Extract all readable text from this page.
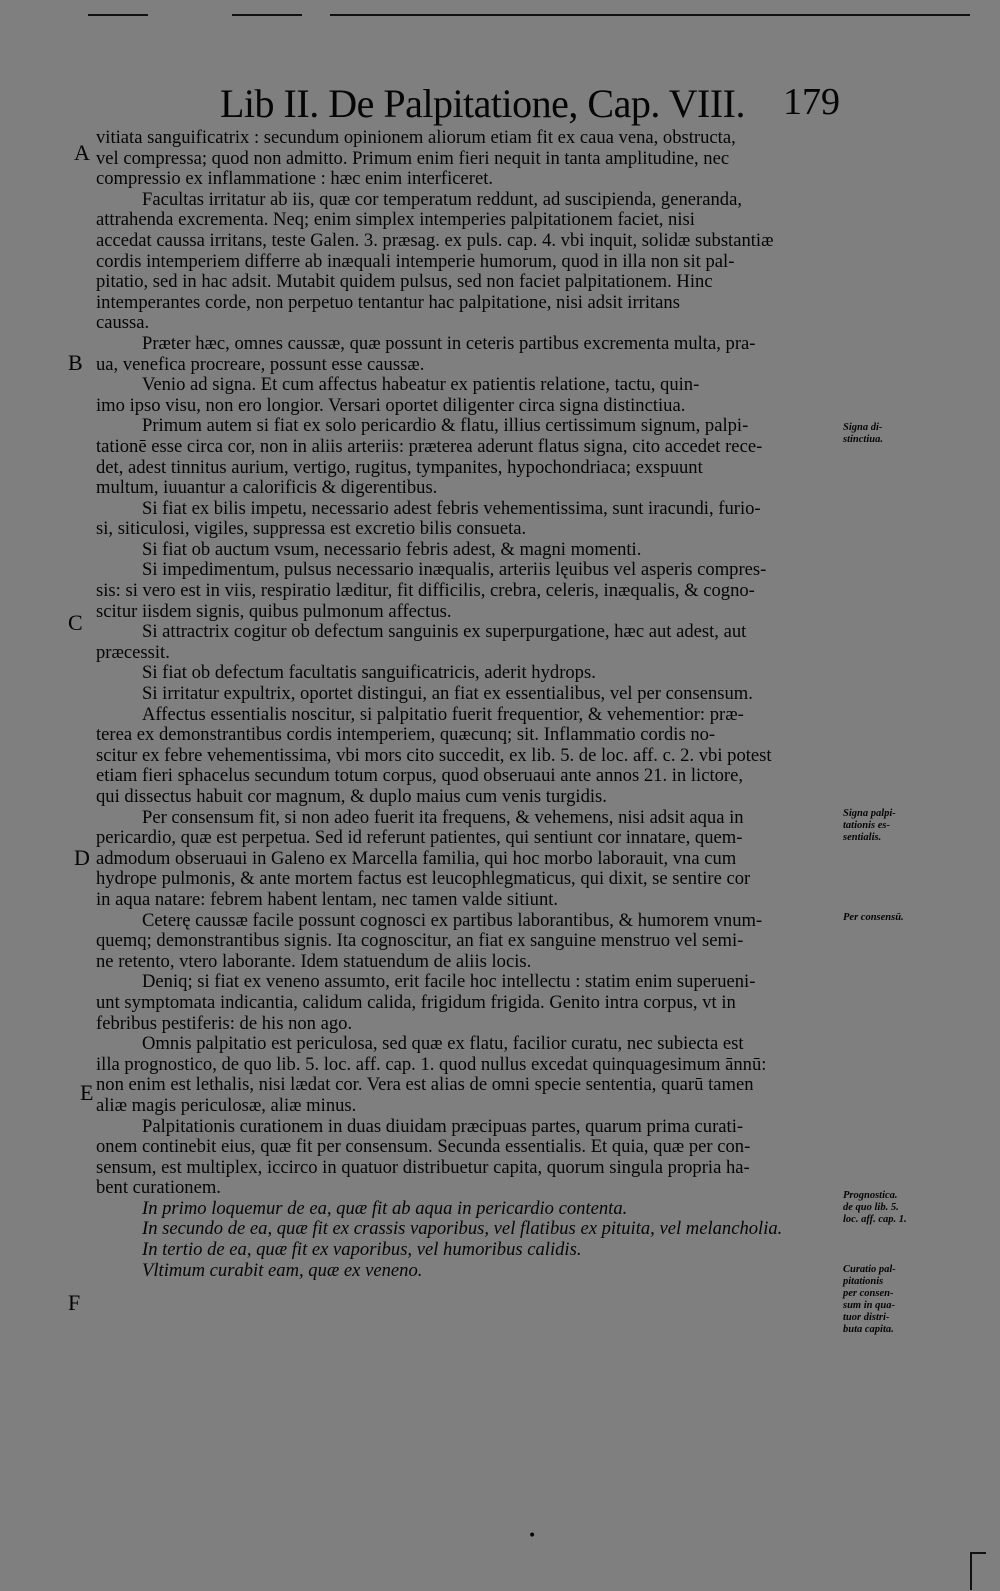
Lib II. De Palpitatione, Cap. VIII. 179
A
B
C
D
E
F
vitiata sanguificatrix : secundum opinionem aliorum etiam fit ex caua vena, obstructa,
vel compressa; quod non admitto. Primum enim fieri nequit in tanta amplitudine, nec
compressio ex inflammatione : hæc enim interficeret.
Facultas irritatur ab iis, quæ cor temperatum reddunt, ad suscipienda, generanda,
attrahenda excrementa. Neq; enim simplex intemperies palpitationem faciet, nisi
accedat caussa irritans, teste Galen. 3. præsag. ex puls. cap. 4. vbi inquit, solidæ substantiæ
cordis intemperiem differre ab inæquali intemperie humorum, quod in illa non sit pal-
pitatio, sed in hac adsit. Mutabit quidem pulsus, sed non faciet palpitationem. Hinc
intemperantes corde, non perpetuo tentantur hac palpitatione, nisi adsit irritans
caussa.
Præter hæc, omnes caussæ, quæ possunt in ceteris partibus excrementa multa, pra-
ua, venefica procreare, possunt esse caussæ.
Venio ad signa. Et cum affectus habeatur ex patientis relatione, tactu, quin-
imo ipso visu, non ero longior. Versari oportet diligenter circa signa distinctiua.
Primum autem si fiat ex solo pericardio & flatu, illius certissimum signum, palpi-
tationē esse circa cor, non in aliis arteriis: præterea aderunt flatus signa, cito accedet rece-
det, adest tinnitus aurium, vertigo, rugitus, tympanites, hypochondriaca; exspuunt
multum, iuuantur a calorificis & digerentibus.
Si fiat ex bilis impetu, necessario adest febris vehementissima, sunt iracundi, furio-
si, siticulosi, vigiles, suppressa est excretio bilis consueta.
Si fiat ob auctum vsum, necessario febris adest, & magni momenti.
Si impedimentum, pulsus necessario inæqualis, arteriis lęuibus vel asperis compres-
sis: si vero est in viis, respiratio læditur, fit difficilis, crebra, celeris, inæqualis, & cogno-
scitur iisdem signis, quibus pulmonum affectus.
Si attractrix cogitur ob defectum sanguinis ex superpurgatione, hæc aut adest, aut
præcessit.
Si fiat ob defectum facultatis sanguificatricis, aderit hydrops.
Si irritatur expultrix, oportet distingui, an fiat ex essentialibus, vel per consensum.
Affectus essentialis noscitur, si palpitatio fuerit frequentior, & vehementior: præ-
terea ex demonstrantibus cordis intemperiem, quæcunq; sit. Inflammatio cordis no-
scitur ex febre vehementissima, vbi mors cito succedit, ex lib. 5. de loc. aff. c. 2. vbi potest
etiam fieri sphacelus secundum totum corpus, quod obseruaui ante annos 21. in lictore,
qui dissectus habuit cor magnum, & duplo maius cum venis turgidis.
Per consensum fit, si non adeo fuerit ita frequens, & vehemens, nisi adsit aqua in
pericardio, quæ est perpetua. Sed id referunt patientes, qui sentiunt cor innatare, quem-
admodum obseruaui in Galeno ex Marcella familia, qui hoc morbo laborauit, vna cum
hydrope pulmonis, & ante mortem factus est leucophlegmaticus, qui dixit, se sentire cor
in aqua natare: febrem habent lentam, nec tamen valde sitiunt.
Ceterę caussæ facile possunt cognosci ex partibus laborantibus, & humorem vnum-
quemq; demonstrantibus signis. Ita cognoscitur, an fiat ex sanguine menstruo vel semi-
ne retento, vtero laborante. Idem statuendum de aliis locis.
Deniq; si fiat ex veneno assumto, erit facile hoc intellectu : statim enim superueni-
unt symptomata indicantia, calidum calida, frigidum frigida. Genito intra corpus, vt in
febribus pestiferis: de his non ago.
Omnis palpitatio est periculosa, sed quæ ex flatu, facilior curatu, nec subiecta est
illa prognostico, de quo lib. 5. loc. aff. cap. 1. quod nullus excedat quinquagesimum ānnū:
non enim est lethalis, nisi lædat cor. Vera est alias de omni specie sententia, quarū tamen
aliæ magis periculosæ, aliæ minus.
Palpitationis curationem in duas diuidam præcipuas partes, quarum prima curati-
onem continebit eius, quæ fit per consensum. Secunda essentialis. Et quia, quæ per con-
sensum, est multiplex, iccirco in quatuor distribuetur capita, quorum singula propria ha-
bent curationem.
In primo loquemur de ea, quæ fit ab aqua in pericardio contenta.
In secundo de ea, quæ fit ex crassis vaporibus, vel flatibus ex pituita, vel melancholia.
In tertio de ea, quæ fit ex vaporibus, vel humoribus calidis.
Vltimum curabit eam, quæ ex veneno.
Signa di-
stinctiua.
Signa palpi-
tationis es-
sentialis.
Per consensū.
Prognostica.
de quo lib. 5.
loc. aff. cap. 1.
Curatio pal-
pitationis
per consen-
sum in qua-
tuor distri-
buta capita.
•
